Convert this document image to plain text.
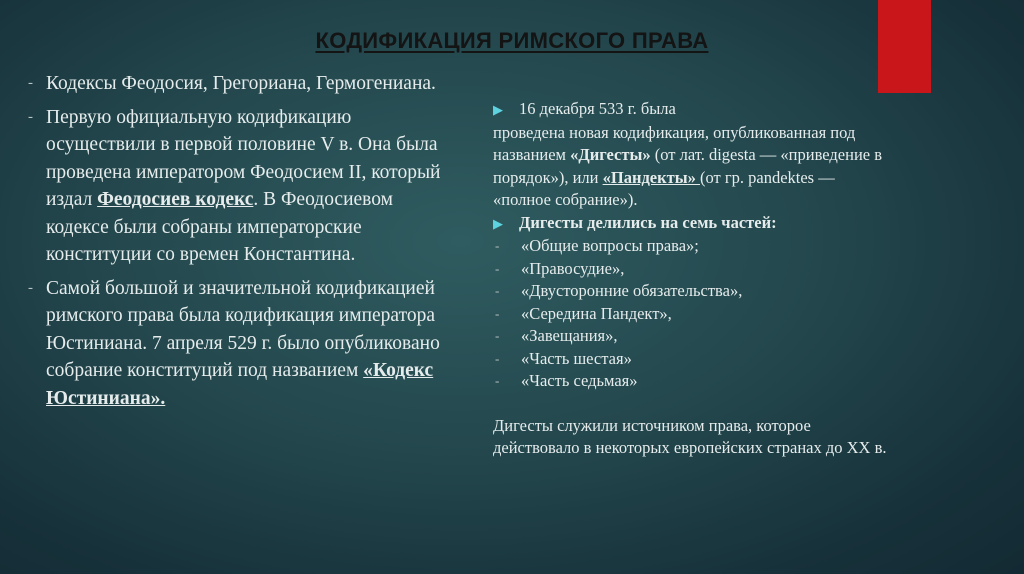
КОДИФИКАЦИЯ РИМСКОГО ПРАВА

- Кодексы Феодосия, Грегориана, Гермогениана.

- Первую официальную кодификацию осуществили в первой половине V в. Она была проведена императором Феодосием II, который издал Феодосиев кодекс. В Феодосиевом кодексе были собраны императорские конституции со времен Константина.

- Самой большой и значительной кодификацией римского права была кодификация императора Юстиниана. 7 апреля 529 г. было опубликовано собрание конституций под названием «Кодекс Юстиниана».

▶ 16 декабря 533 г. была
проведена новая кодификация, опубликованная под названием «Дигесты» (от лат. digesta — «приведение в порядок»), или «Пандекты» (от гр. pandektes — «полное собрание»).

▶ Дигесты делились на семь частей:

- «Общие вопросы права»;

- «Правосудие»,

- «Двусторонние обязательства»,

- «Середина Пандект»,

- «Завещания»,

- «Часть шестая»

- «Часть седьмая»

Дигесты служили источником права, которое действовало в некоторых европейских странах до XX в.
